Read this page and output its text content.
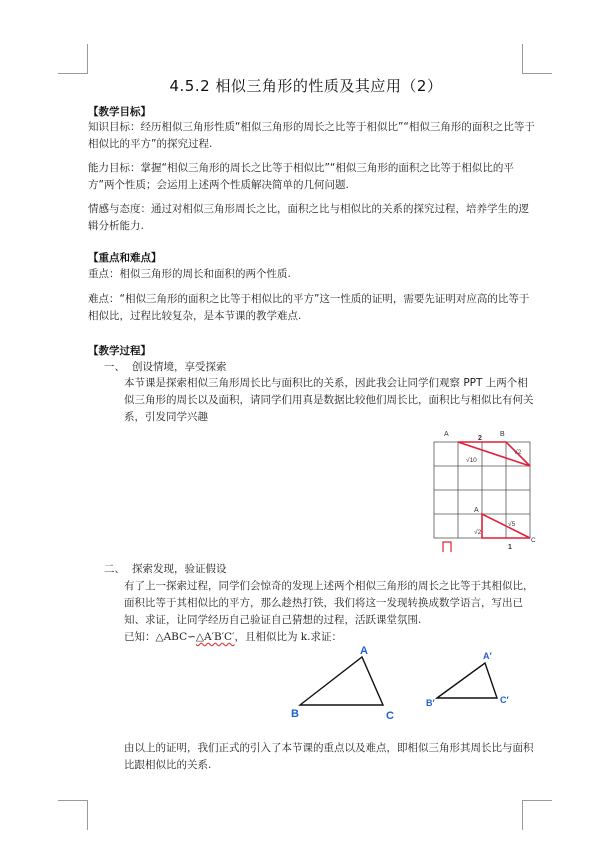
4.5.2 相似三角形的性质及其应用（2）
【教学目标】
知识目标：经历相似三角形性质“相似三角形的周长之比等于相似比”“相似三角形的面积之比等于相似比的平方”的探究过程.
能力目标：掌握“相似三角形的周长之比等于相似比”“相似三角形的面积之比等于相似比的平方”两个性质；会运用上述两个性质解决简单的几何问题.
情感与态度：通过对相似三角形周长之比，面积之比与相似比的关系的探究过程，培养学生的逻辑分析能力.
【重点和难点】
重点：相似三角形的周长和面积的两个性质.
难点：“相似三角形的面积之比等于相似比的平方”这一性质的证明，需要先证明对应高的比等于相似比，过程比较复杂，是本节课的教学难点.
【教学过程】
一、 创设情境，享受探索
本节课是探索相似三角形周长比与面积比的关系，因此我会让同学们观察 PPT 上两个相似三角形的周长以及面积，请同学们用真是数据比较他们周长比，面积比与相似比有何关系，引发同学兴趣
A
2
B
√2
√10
A
√5
√2
1
C
二、 探索发现，验证假设
有了上一探索过程，同学们会惊奇的发现上述两个相似三角形的周长之比等于其相似比，面积比等于其相似比的平方，那么趁热打铁，我们将这一发现转换成数学语言，写出已知、求证，让同学经历自己验证自己猜想的过程，活跃课堂氛围.
已知：△ABC∽△A′B′C′，且相似比为 k.求证：
A
B	C
A′
B′	C′
由以上的证明，我们正式的引入了本节课的重点以及难点，即相似三角形其周长比与面积比跟相似比的关系.
